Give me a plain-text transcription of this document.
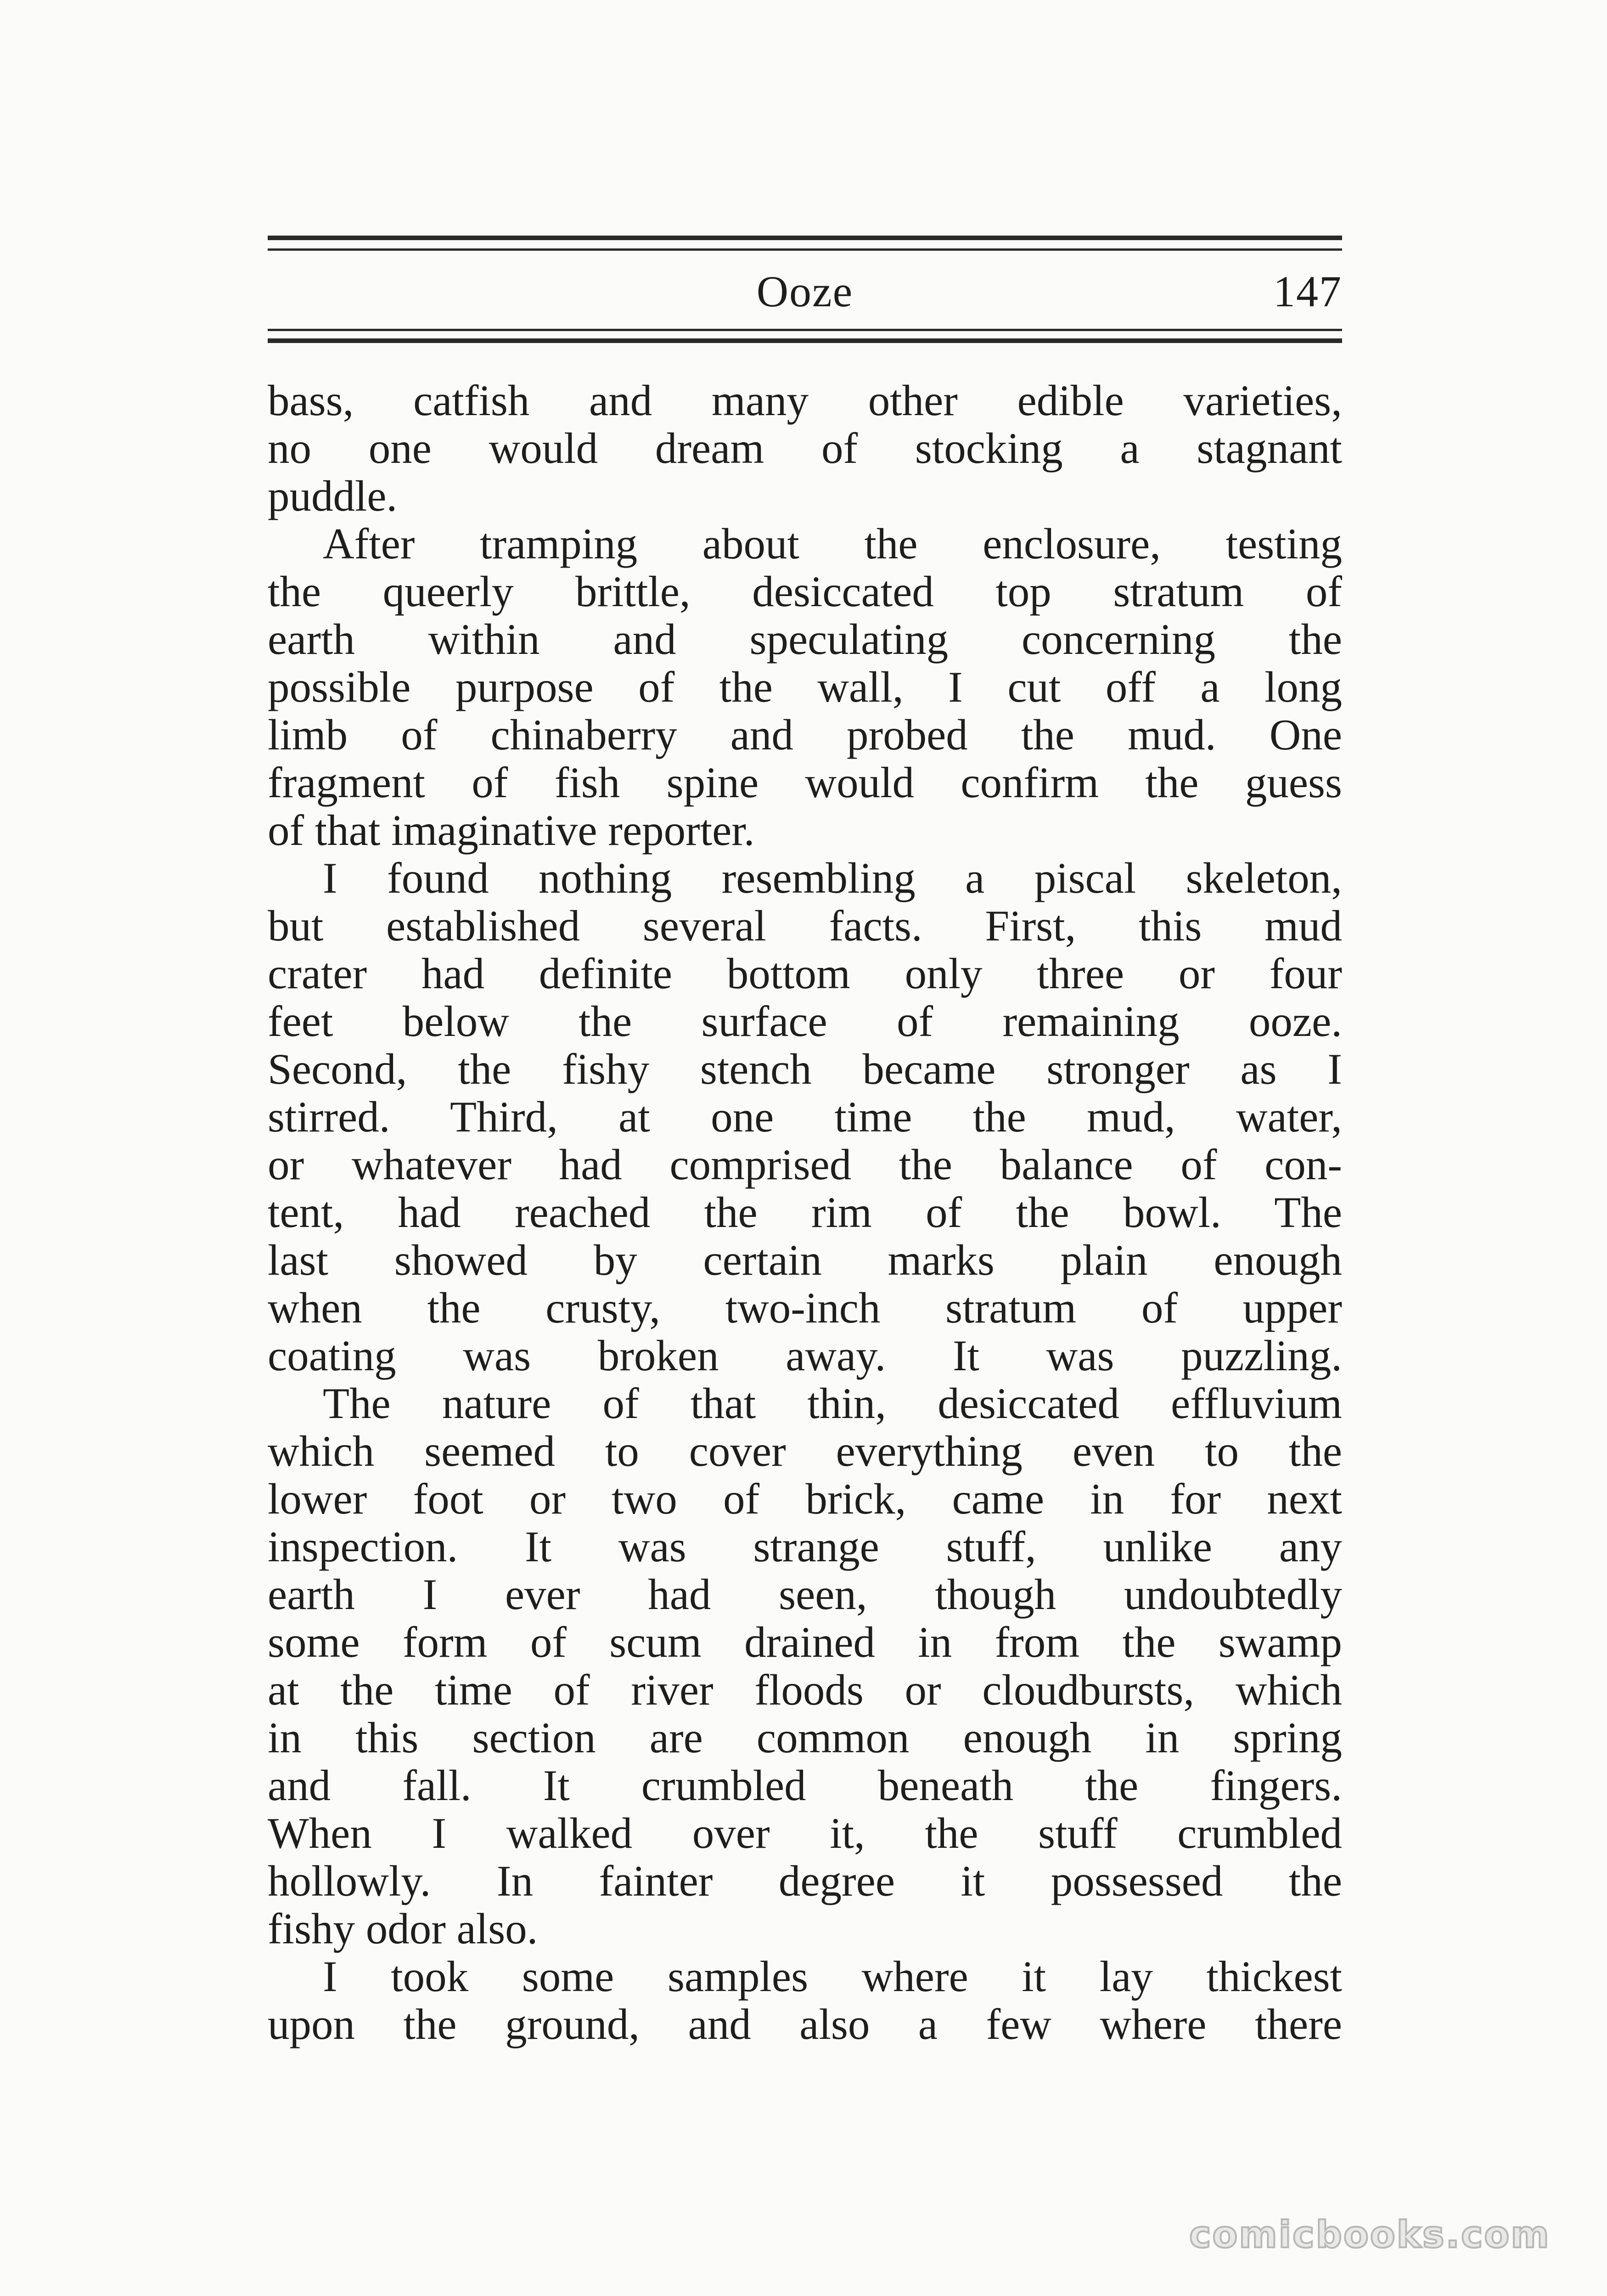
Ooze	147
bass, catfish and many other edible varieties,
no one would dream of stocking a stagnant
puddle.
After tramping about the enclosure, testing
the queerly brittle, desiccated top stratum of
earth within and speculating concerning the
possible purpose of the wall, I cut off a long
limb of chinaberry and probed the mud. One
fragment of fish spine would confirm the guess
of that imaginative reporter.
I found nothing resembling a piscal skeleton,
but established several facts. First, this mud
crater had definite bottom only three or four
feet below the surface of remaining ooze.
Second, the fishy stench became stronger as I
stirred. Third, at one time the mud, water,
or whatever had comprised the balance of con-
tent, had reached the rim of the bowl. The
last showed by certain marks plain enough
when the crusty, two-inch stratum of upper
coating was broken away. It was puzzling.
The nature of that thin, desiccated effluvium
which seemed to cover everything even to the
lower foot or two of brick, came in for next
inspection. It was strange stuff, unlike any
earth I ever had seen, though undoubtedly
some form of scum drained in from the swamp
at the time of river floods or cloudbursts, which
in this section are common enough in spring
and fall. It crumbled beneath the fingers.
When I walked over it, the stuff crumbled
hollowly. In fainter degree it possessed the
fishy odor also.
I took some samples where it lay thickest
upon the ground, and also a few where there
comicbooks.com
